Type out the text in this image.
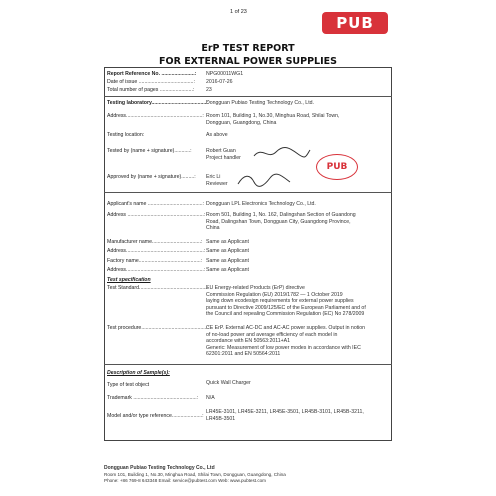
1 of 23
PUB
ErP TEST REPORT
FOR EXTERNAL POWER SUPPLIES
Report Reference No. .......................: NPG00011WG1
Date of issue ......................................: 2016-07-26
Total number of pages .......................: 23
Testing laboratory......................................:
Dongguan Pubiao Testing Technology Co., Ltd.
Address.....................................................: Room 101, Building 1, No.30, Minghua Road, Shilai Town,
Dongguan, Guangdong, China
Testing location:	As above
Tested by (name + signature)...........:	Robert Guan
Project handler
PUB
Approved by (name + signature).........: Eric Li
Reviewer
Applicant's name ......................................: Dongguan LPL Electronics Technology Co., Ltd.
Address .....................................................: Room 501, Building 1, No. 162, Dalingshan Section of Guandong
Road, Dalingshan Town, Dongguan City, Guangdong Province,
China
Manufacturer name..................................: Same as Applicant
Address......................................................: Same as Applicant
Factory name...........................................: Same as Applicant
Address......................................................: Same as Applicant
Test specification
Test Standard...............................................:
EU Energy-related Products (ErP) directive
Commission Regulation (EU) 2019/1782 — 1 October 2019
laying down ecodesign requirements for external power supplies
pursuant to Directive 2009/125/EC of the European Parliament and of
the Council and repealing Commission Regulation (EC) No 278/2009
Test procedure..............................................:
CE ErP. External AC-DC and AC-AC power supplies. Output in notion
of no-load power and average efficiency of each model in
accordance with EN 50563:2011+A1
Generic: Measurement of low power modes in accordance with IEC
62301:2011 and EN 50564:2011
Description of Sample(s):
Type of test object	Quick Wall Charger
Trademark ............................................: N/A
Model and/or type reference.....................:
LR45E-3101, LR45E-3211, LR45E-3501, LR45B-3101, LR45B-3211,
LR45B-3501
Dongguan Pubiao Testing Technology Co., Ltd
Room 101, Building 1, No.30, Minghua Road, Shilai Town, Dongguan, Guangdong, China
Phone: +86 769-8 643348 Email: service@pubtest.com Web: www.pubtest.com
